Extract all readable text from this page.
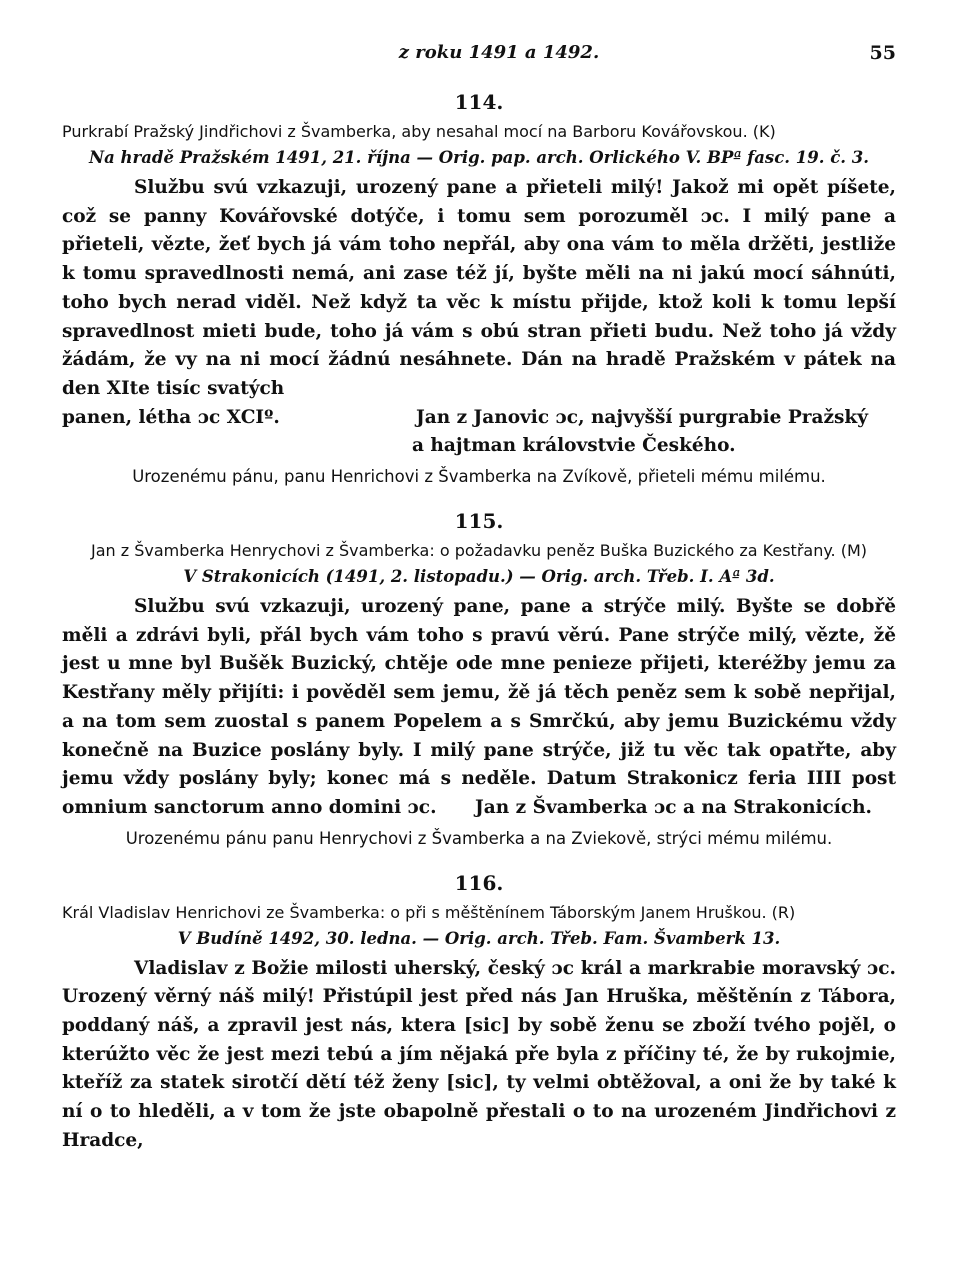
z roku 1491 a 1492.	55
114.

Purkrabí Pražský Jindřichovi z Švamberka, aby nesahal mocí na Barboru Kovářovskou. (K)

Na hradě Pražském 1491, 21. října — Orig. pap. arch. Orlického V. BPª fasc. 19. č. 3.

Službu svú vzkazuji, urozený pane a přieteli milý! Jakož mi opět píšete, což se panny Kovářovské dotýče, i tomu sem porozuměl ɔc. I milý pane a přieteli, vězte, žeť bych já vám toho nepřál, aby ona vám to měla držěti, jestliže k tomu spravedlnosti nemá, ani zase též jí, byšte měli na ni jakú mocí sáhnúti, toho bych nerad viděl. Než když ta věc k místu přijde, ktož koli k tomu lepší spravedlnost mieti bude, toho já vám s obú stran přieti budu. Než toho já vždy žádám, že vy na ni mocí žádnú nesáhnete. Dán na hradě Pražském v pátek na den XIte tisíc svatých

panen, létha ɔc XCIº.	Jan z Janovic ɔc, najvyšší purgrabie Pražský
a hajtman královstvie Českého.
Urozenému pánu, panu Henrichovi z Švamberka na Zvíkově, přieteli mému milému.
115.

Jan z Švamberka Henrychovi z Švamberka: o požadavku peněz Buška Buzického za Kestřany. (M)

V Strakonicích (1491, 2. listopadu.) — Orig. arch. Třeb. I. Aª 3d.

Službu svú vzkazuji, urozený pane, pane a strýče milý. Byšte se dobřě měli a zdrávi byli, přál bych vám toho s pravú věrú. Pane strýče milý, vězte, žě jest u mne byl Bušěk Buzický, chtěje ode mne penieze přijeti, kteréžby jemu za Kestřany měly přijíti: i pověděl sem jemu, žě já těch peněz sem k sobě nepřijal, a na tom sem zuostal s panem Popelem a s Smrčkú, aby jemu Buzickému vždy konečně na Buzice poslány byly. I milý pane strýče, již tu věc tak opatřte, aby jemu vždy poslány byly; konec má s neděle. Datum Strakonicz feria IIII post omnium sanctorum anno domini ɔc. Jan z Švamberka ɔc a na Strakonicích.

Urozenému pánu panu Henrychovi z Švamberka a na Zviekově, strýci mému milému.
116.

Král Vladislav Henrichovi ze Švamberka: o při s měštěnínem Táborským Janem Hruškou. (R)

V Budíně 1492, 30. ledna. — Orig. arch. Třeb. Fam. Švamberk 13.

Vladislav z Božie milosti uherský, český ɔc král a markrabie moravský ɔc. Urozený věrný náš milý! Přistúpil jest před nás Jan Hruška, měštěnín z Tábora, poddaný náš, a zpravil jest nás, ktera [sic] by sobě ženu se zboží tvého pojěl, o kterúžto věc že jest mezi tebú a jím nějaká pře byla z příčiny té, že by rukojmie, kteříž za statek sirotčí dětí též ženy [sic], ty velmi obtěžoval, a oni že by také k ní o to hleděli, a v tom že jste obapolně přestali o to na urozeném Jindřichovi z Hradce,
